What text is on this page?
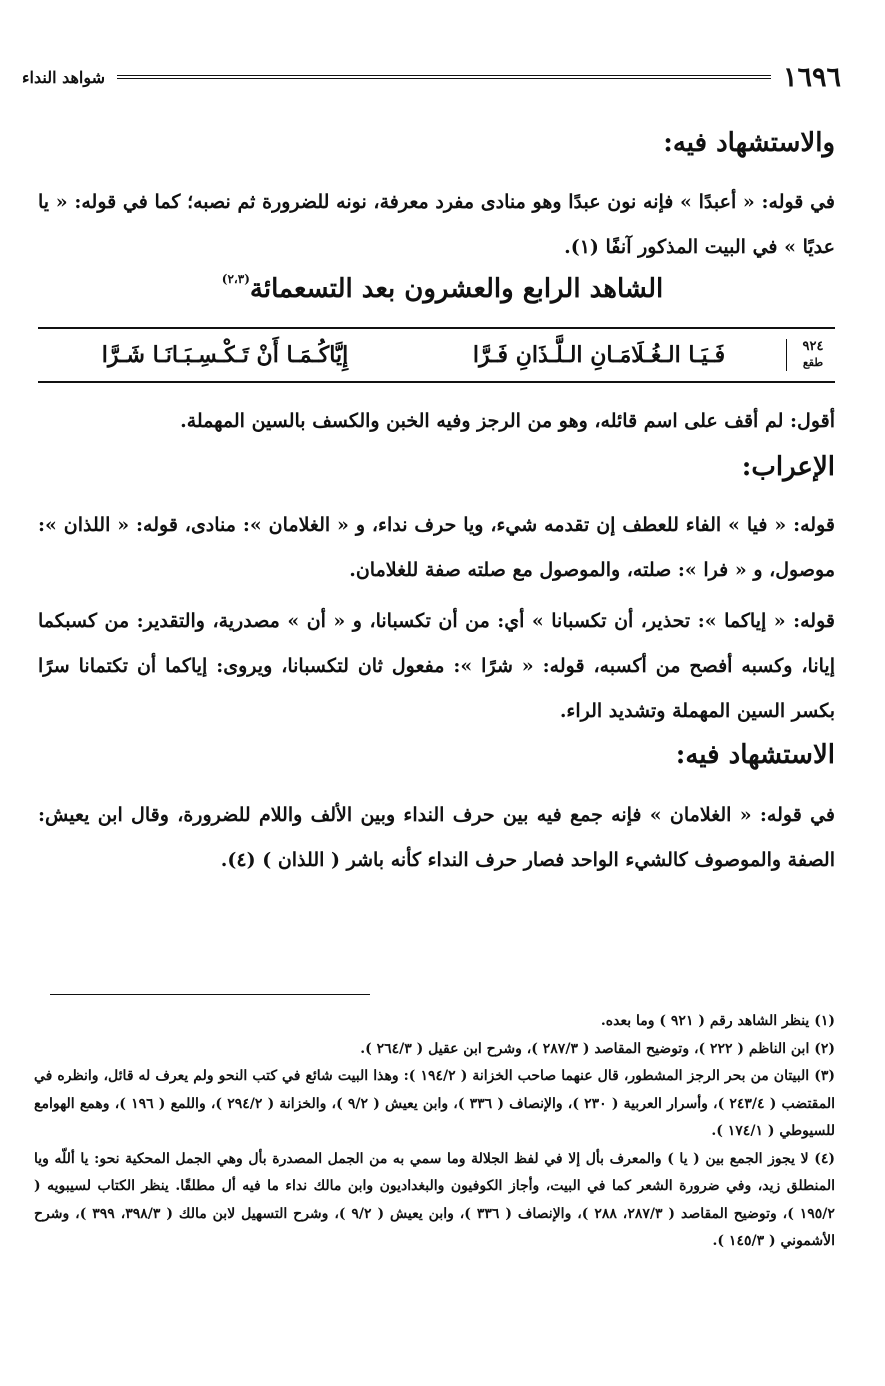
١٦٩٦
شواهد النداء
والاستشهاد فيه:
في قوله: « أعبدًا » فإنه نون عبدًا وهو منادى مفرد معرفة، نونه للضرورة ثم نصبه؛ كما في قوله: « يا عديًا » في البيت المذكور آنفًا (١).
الشاهد الرابع والعشرون بعد التسعمائة$^{(٢،٣)}$
٩٢٤
طقع
فَـيَـا الـغُـلَامَـانِ الـلَّـذَانِ فَـرَّا
إِيَّاكُـمَـا أَنْ تَـكْـسِـبَـانَـا شَـرَّا
أقول: لم أقف على اسم قائله، وهو من الرجز وفيه الخبن والكسف بالسين المهملة.
الإعراب:
قوله: « فيا » الفاء للعطف إن تقدمه شيء، ويا حرف نداء، و « الغلامان »: منادى، قوله: « اللذان »: موصول، و « فرا »: صلته، والموصول مع صلته صفة للغلامان.
قوله: « إياكما »: تحذير، أن تكسبانا » أي: من أن تكسبانا، و « أن » مصدرية، والتقدير: من كسبكما إيانا، وكسبه أفصح من أكسبه، قوله: « شرًا »: مفعول ثان لتكسبانا، ويروى: إياكما أن تكتمانا سرًا بكسر السين المهملة وتشديد الراء.
الاستشهاد فيه:
في قوله: « الغلامان » فإنه جمع فيه بين حرف النداء وبين الألف واللام للضرورة، وقال ابن يعيش: الصفة والموصوف كالشيء الواحد فصار حرف النداء كأنه باشر ( اللذان ) (٤).

(١) ينظر الشاهد رقم ( ٩٢١ ) وما بعده.

(٢) ابن الناظم ( ٢٢٢ )، وتوضيح المقاصد ( ٢٨٧/٣ )، وشرح ابن عقيل ( ٢٦٤/٣ ).

(٣) البيتان من بحر الرجز المشطور، قال عنهما صاحب الخزانة ( ١٩٤/٢ ): وهذا البيت شائع في كتب النحو ولم يعرف له قائل، وانظره في المقتضب ( ٢٤٣/٤ )، وأسرار العربية ( ٢٣٠ )، والإنصاف ( ٣٣٦ )، وابن يعيش ( ٩/٢ )، والخزانة ( ٢٩٤/٢ )، واللمع ( ١٩٦ )، وهمع الهوامع للسيوطي ( ١٧٤/١ ).

(٤) لا يجوز الجمع بين ( يا ) والمعرف بأل إلا في لفظ الجلالة وما سمي به من الجمل المصدرة بأل وهي الجمل المحكية نحو: يا أللّه ويا المنطلق زيد، وفي ضرورة الشعر كما في البيت، وأجاز الكوفيون والبغداديون وابن مالك نداء ما فيه أل مطلقًا. ينظر الكتاب لسيبويه ( ١٩٥/٢ )، وتوضيح المقاصد ( ٢٨٧/٣، ٢٨٨ )، والإنصاف ( ٣٣٦ )، وابن يعيش ( ٩/٢ )، وشرح التسهيل لابن مالك ( ٣٩٨/٣، ٣٩٩ )، وشرح الأشموني ( ١٤٥/٣ ).
